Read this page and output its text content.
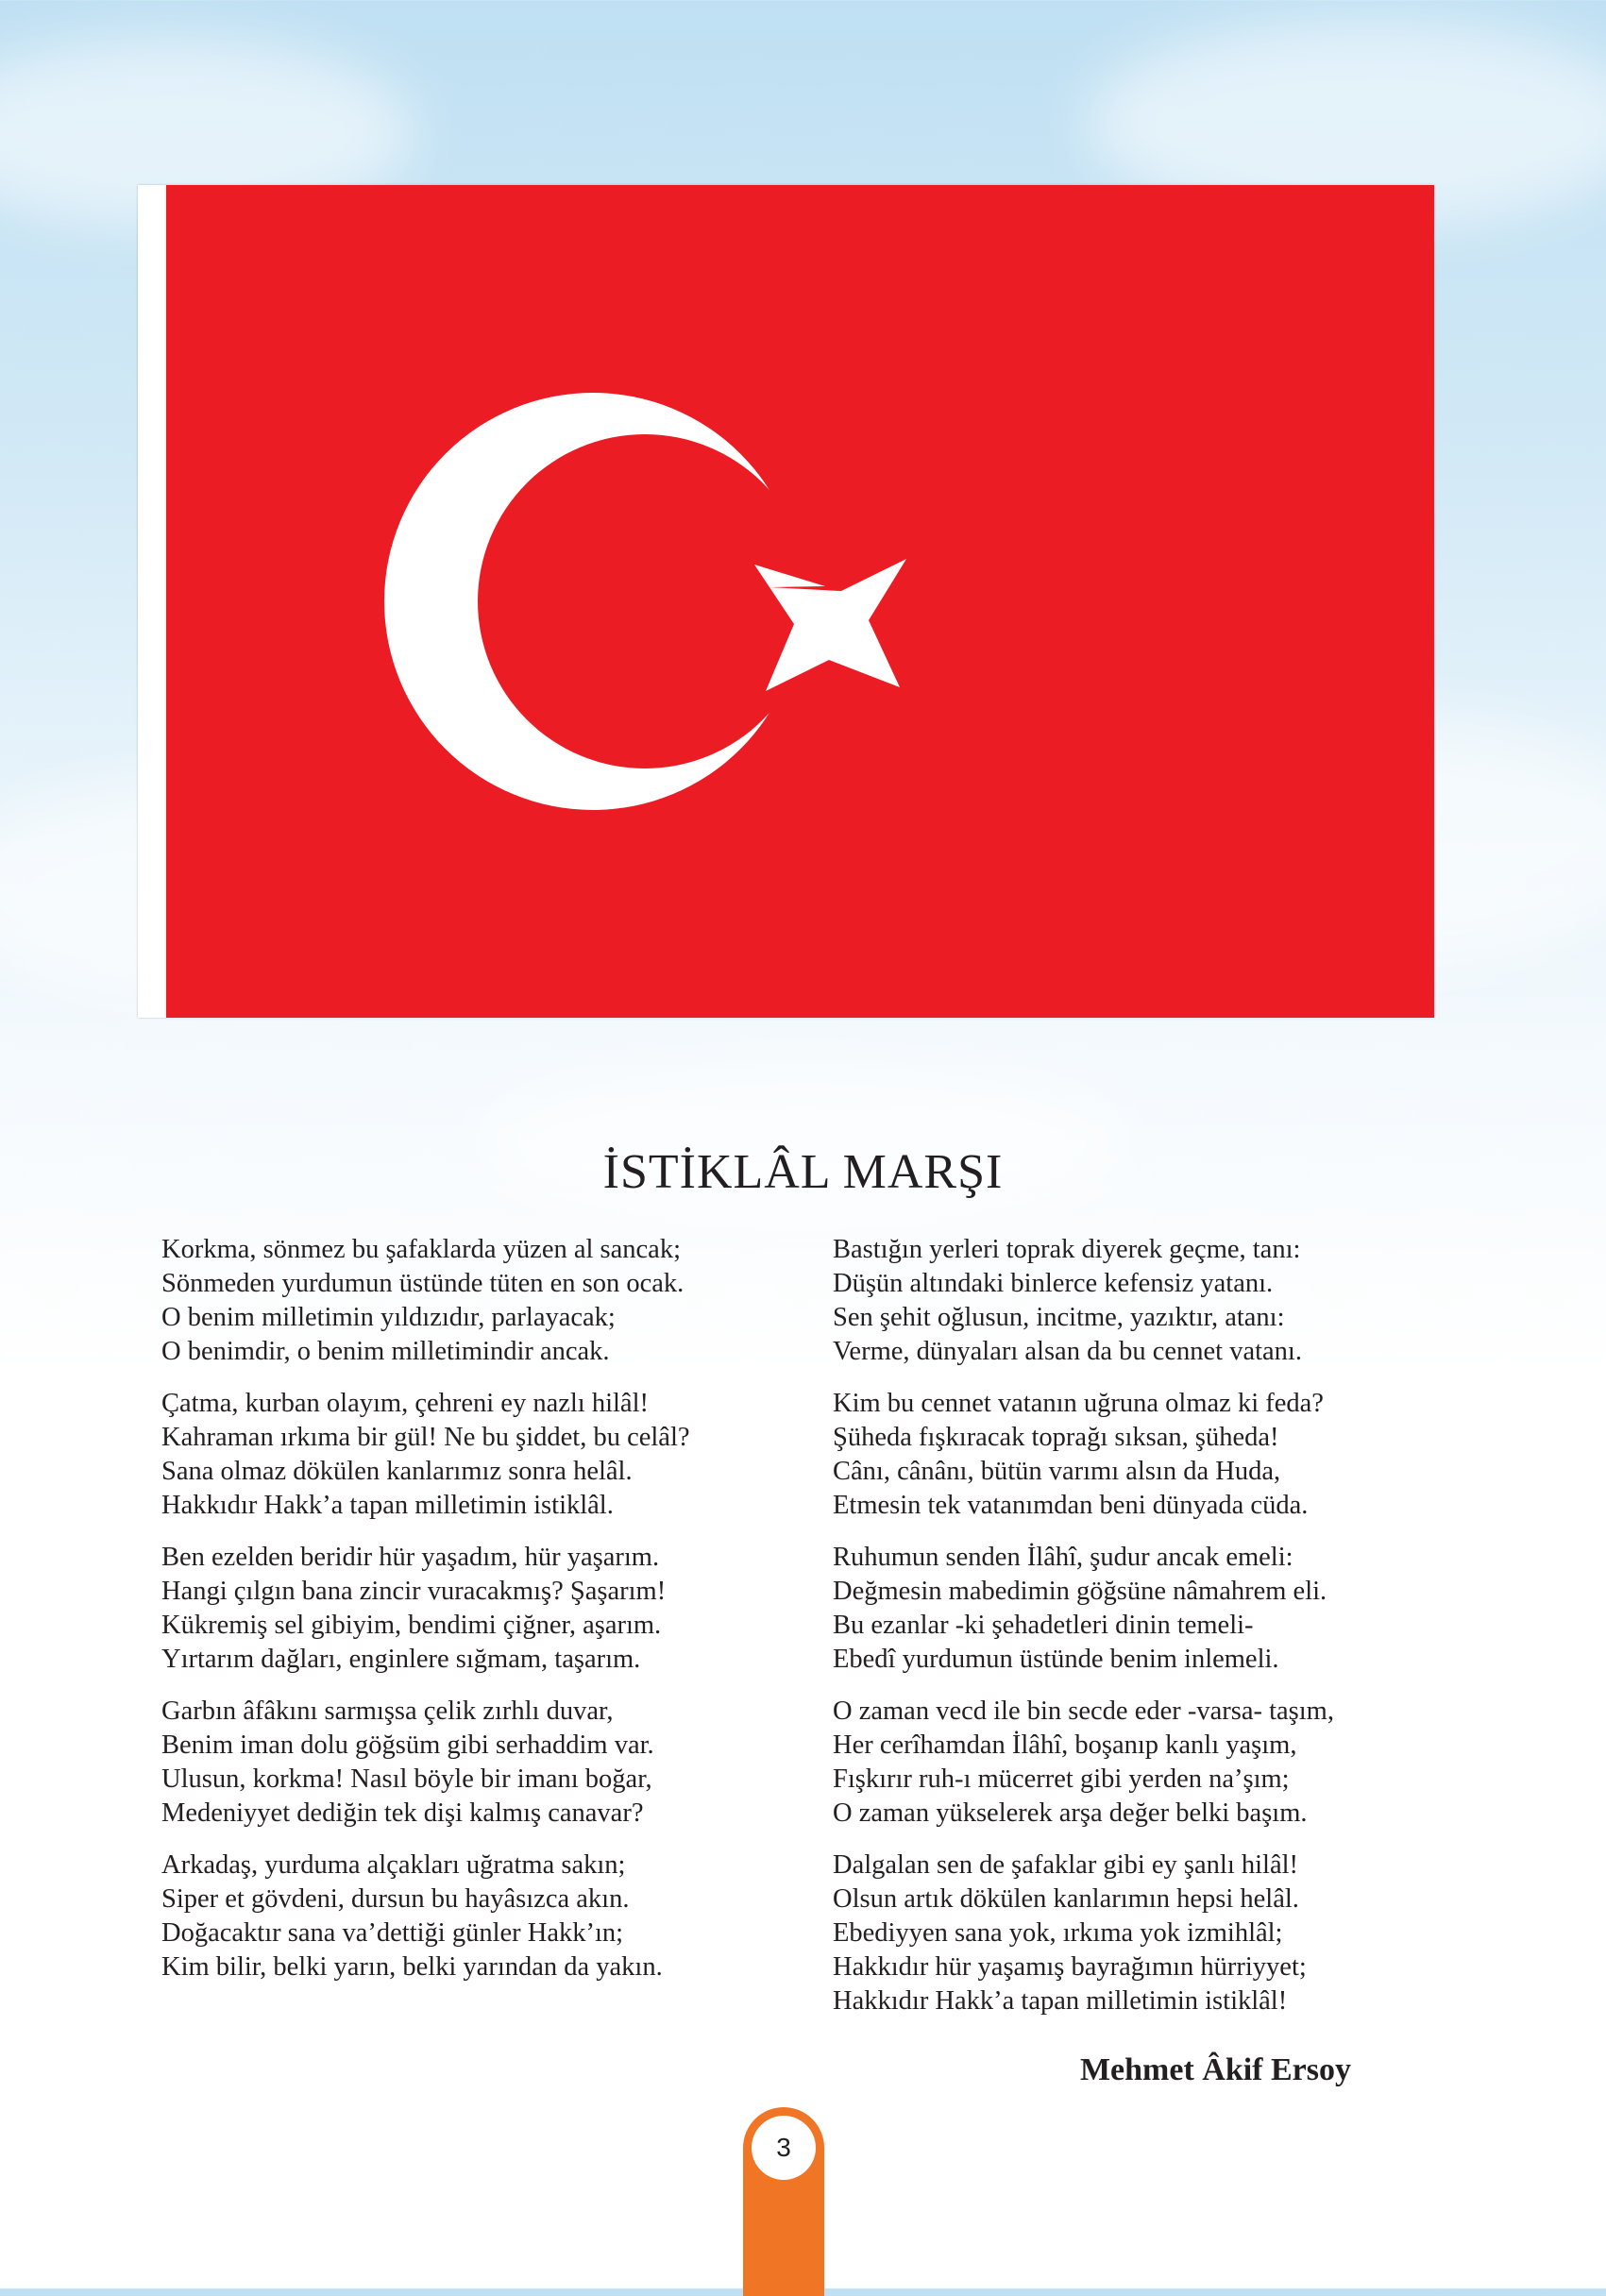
İSTİKLÂL MARŞI
Korkma, sönmez bu şafaklarda yüzen al sancak;
Sönmeden yurdumun üstünde tüten en son ocak.
O benim milletimin yıldızıdır, parlayacak;
O benimdir, o benim milletimindir ancak.
Çatma, kurban olayım, çehreni ey nazlı hilâl!
Kahraman ırkıma bir gül! Ne bu şiddet, bu celâl?
Sana olmaz dökülen kanlarımız sonra helâl.
Hakkıdır Hakk’a tapan milletimin istiklâl.
Ben ezelden beridir hür yaşadım, hür yaşarım.
Hangi çılgın bana zincir vuracakmış? Şaşarım!
Kükremiş sel gibiyim, bendimi çiğner, aşarım.
Yırtarım dağları, enginlere sığmam, taşarım.
Garbın âfâkını sarmışsa çelik zırhlı duvar,
Benim iman dolu göğsüm gibi serhaddim var.
Ulusun, korkma! Nasıl böyle bir imanı boğar,
Medeniyyet dediğin tek dişi kalmış canavar?
Arkadaş, yurduma alçakları uğratma sakın;
Siper et gövdeni, dursun bu hayâsızca akın.
Doğacaktır sana va’dettiği günler Hakk’ın;
Kim bilir, belki yarın, belki yarından da yakın.
Bastığın yerleri toprak diyerek geçme, tanı:
Düşün altındaki binlerce kefensiz yatanı.
Sen şehit oğlusun, incitme, yazıktır, atanı:
Verme, dünyaları alsan da bu cennet vatanı.
Kim bu cennet vatanın uğruna olmaz ki feda?
Şüheda fışkıracak toprağı sıksan, şüheda!
Cânı, cânânı, bütün varımı alsın da Huda,
Etmesin tek vatanımdan beni dünyada cüda.
Ruhumun senden İlâhî, şudur ancak emeli:
Değmesin mabedimin göğsüne nâmahrem eli.
Bu ezanlar -ki şehadetleri dinin temeli-
Ebedî yurdumun üstünde benim inlemeli.
O zaman vecd ile bin secde eder -varsa- taşım,
Her cerîhamdan İlâhî, boşanıp kanlı yaşım,
Fışkırır ruh-ı mücerret gibi yerden na’şım;
O zaman yükselerek arşa değer belki başım.
Dalgalan sen de şafaklar gibi ey şanlı hilâl!
Olsun artık dökülen kanlarımın hepsi helâl.
Ebediyyen sana yok, ırkıma yok izmihlâl;
Hakkıdır hür yaşamış bayrağımın hürriyyet;
Hakkıdır Hakk’a tapan milletimin istiklâl!
Mehmet Âkif Ersoy
3
